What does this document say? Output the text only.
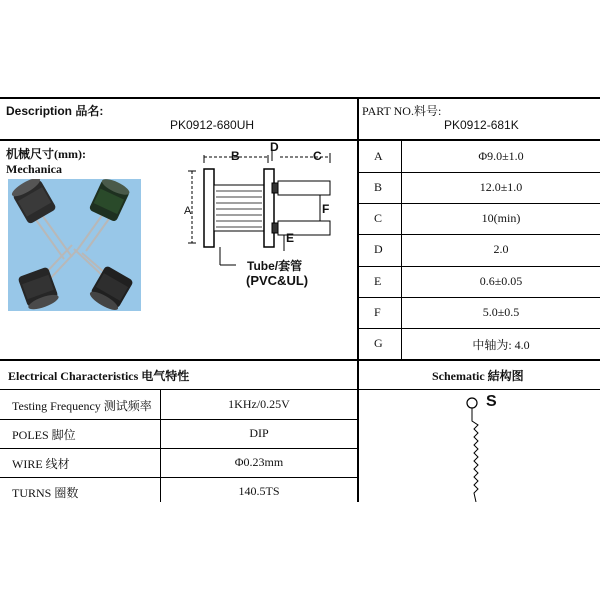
Description 品名:
PK0912-680UH
PART NO.料号:
PK0912-681K
机械尺寸(mm):
Mechanica
B
D
C
A	F
E
Tube/套管
(PVC&UL)
A	Φ9.0±1.0
B	12.0±1.0
C	10(min)
D	2.0
E	0.6±0.05
F	5.0±0.5
G	中轴为: 4.0
Electrical Characteristics 电气特性	Schematic 結构图
Testing Frequency 测试频率	1KHz/0.25V
POLES 脚位	DIP
WIRE 线材	Φ0.23mm
TURNS 圈数	140.5TS
S
